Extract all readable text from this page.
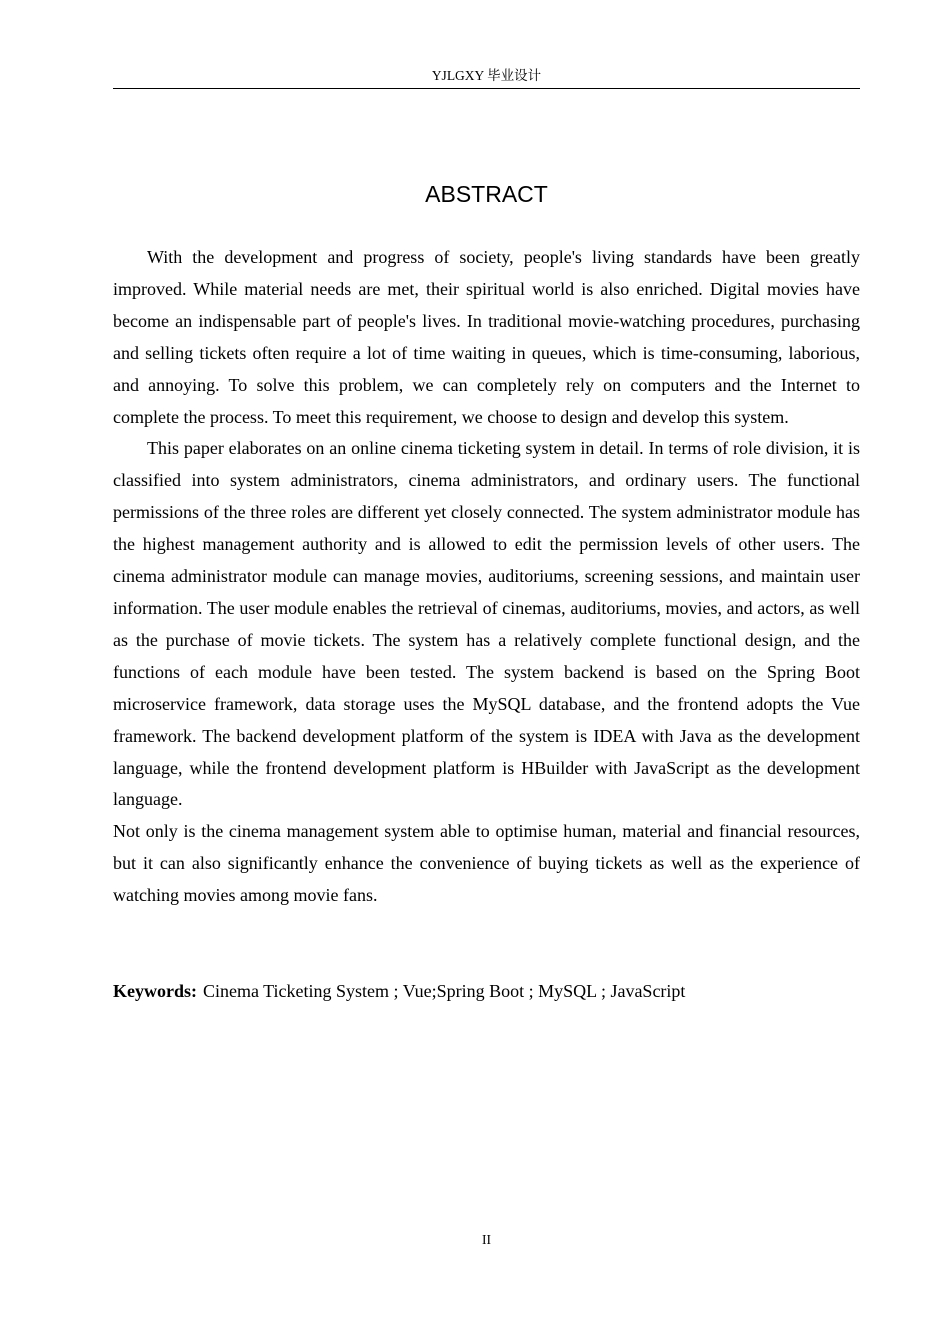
YJLGXY 毕业设计
ABSTRACT

With the development and progress of society, people's living standards have been greatly improved. While material needs are met, their spiritual world is also enriched. Digital movies have become an indispensable part of people's lives. In traditional movie-watching procedures, purchasing and selling tickets often require a lot of time waiting in queues, which is time-consuming, laborious, and annoying. To solve this problem, we can completely rely on computers and the Internet to complete the process. To meet this requirement, we choose to design and develop this system.

This paper elaborates on an online cinema ticketing system in detail. In terms of role division, it is classified into system administrators, cinema administrators, and ordinary users. The functional permissions of the three roles are different yet closely connected. The system administrator module has the highest management authority and is allowed to edit the permission levels of other users. The cinema administrator module can manage movies, auditoriums, screening sessions, and maintain user information. The user module enables the retrieval of cinemas, auditoriums, movies, and actors, as well as the purchase of movie tickets. The system has a relatively complete functional design, and the functions of each module have been tested. The system backend is based on the Spring Boot microservice framework, data storage uses the MySQL database, and the frontend adopts the Vue framework. The backend development platform of the system is IDEA with Java as the development language, while the frontend development platform is HBuilder with JavaScript as the development language.

Not only is the cinema management system able to optimise human, material and financial resources, but it can also significantly enhance the convenience of buying tickets as well as the experience of watching movies among movie fans.

Keywords: Cinema Ticketing System ; Vue;Spring Boot ; MySQL ; JavaScript
II
